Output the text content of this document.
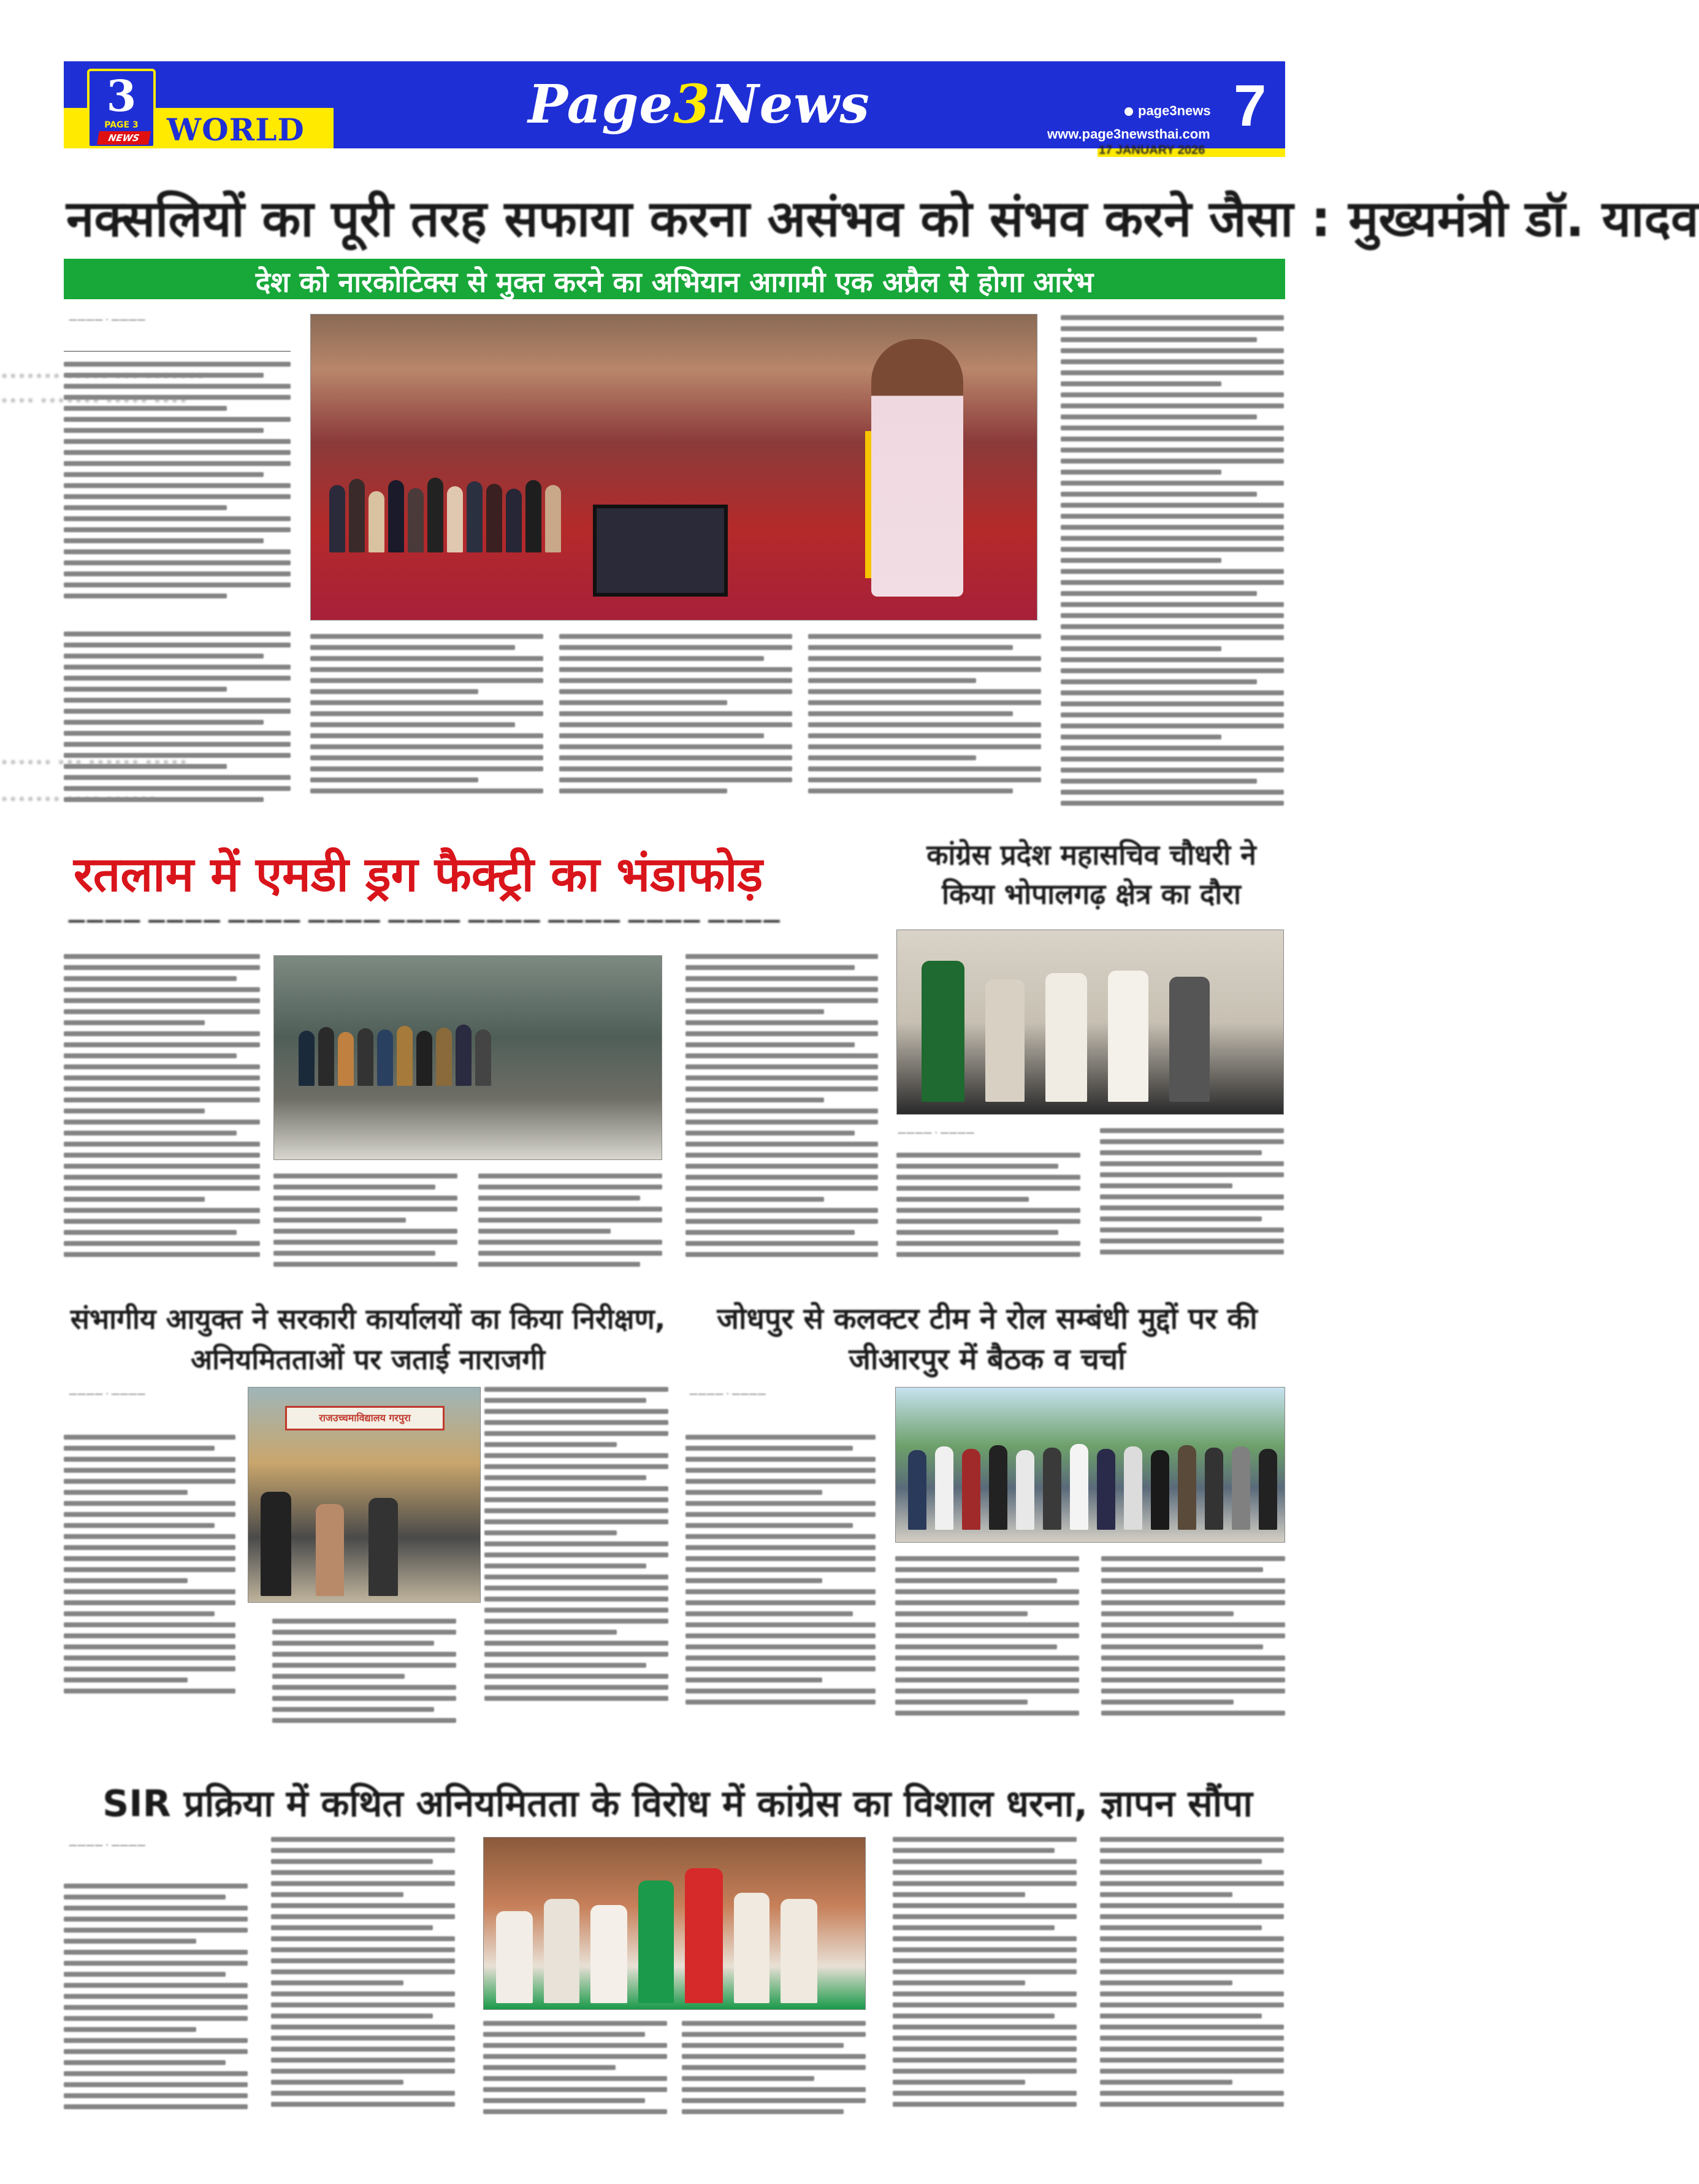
3
PAGE 3
NEWS WORLD	Page3News	page3news
www.page3newsthai.com 7
17 JANUARY 2026
नक्सलियों का पूरी तरह सफाया करना असंभव को संभव करने जैसा : मुख्यमंत्री डॉ. यादव
देश को नारकोटिक्स से मुक्त करने का अभियान आगामी एक अप्रैल से होगा आरंभ
———— · ————
••••••• ••••• ••• •••••••
•••• ••••••• ••••• ••••
•••••• ••• •••••• •••••
••••••• •••• ••••••
रतलाम में एमडी ड्रग फैक्ट्री का भंडाफोड़
———— ———— ———— ———— ———— ———— ———— ———— ————
कांग्रेस प्रदेश महासचिव चौधरी ने किया भोपालगढ़ क्षेत्र का दौरा
———— · ————
संभागीय आयुक्त ने सरकारी कार्यालयों का किया निरीक्षण, अनियमितताओं पर जताई नाराजगी
———— · ————
राजउच्चमाविद्यालय गरपुरा
जोधपुर से कलक्टर टीम ने रोल सम्बंधी मुद्दों पर की जीआरपुर में बैठक व चर्चा
———— · ————
SIR प्रक्रिया में कथित अनियमितता के विरोध में कांग्रेस का विशाल धरना, ज्ञापन सौंपा
———— · ————
